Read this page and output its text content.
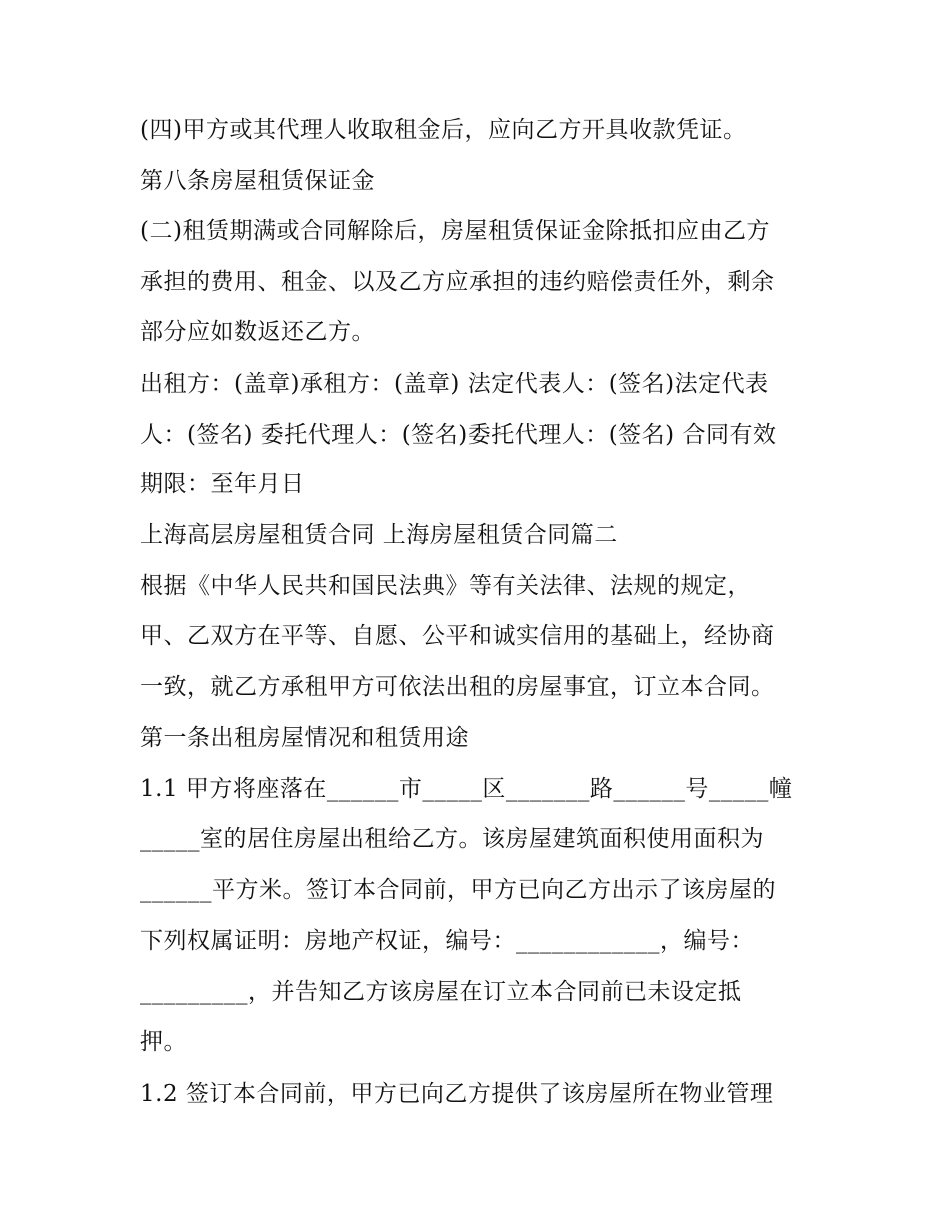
(四)甲方或其代理人收取租金后，应向乙方开具收款凭证。
第八条房屋租赁保证金
(二)租赁期满或合同解除后，房屋租赁保证金除抵扣应由乙方
承担的费用、租金、以及乙方应承担的违约赔偿责任外，剩余
部分应如数返还乙方。
出租方：(盖章)承租方：(盖章) 法定代表人：(签名)法定代表
人：(签名) 委托代理人：(签名)委托代理人：(签名) 合同有效
期限：至年月日
上海高层房屋租赁合同 上海房屋租赁合同篇二
根据《中华人民共和国民法典》等有关法律、法规的规定，
甲、乙双方在平等、自愿、公平和诚实信用的基础上，经协商
一致，就乙方承租甲方可依法出租的房屋事宜，订立本合同。
第一条出租房屋情况和租赁用途
1.1 甲方将座落在______市_____区_______路______号_____幢
_____室的居住房屋出租给乙方。该房屋建筑面积使用面积为
______平方米。签订本合同前，甲方已向乙方出示了该房屋的
下列权属证明：房地产权证，编号：____________，编号：
_________，并告知乙方该房屋在订立本合同前已未设定抵
押。
1.2 签订本合同前，甲方已向乙方提供了该房屋所在物业管理
